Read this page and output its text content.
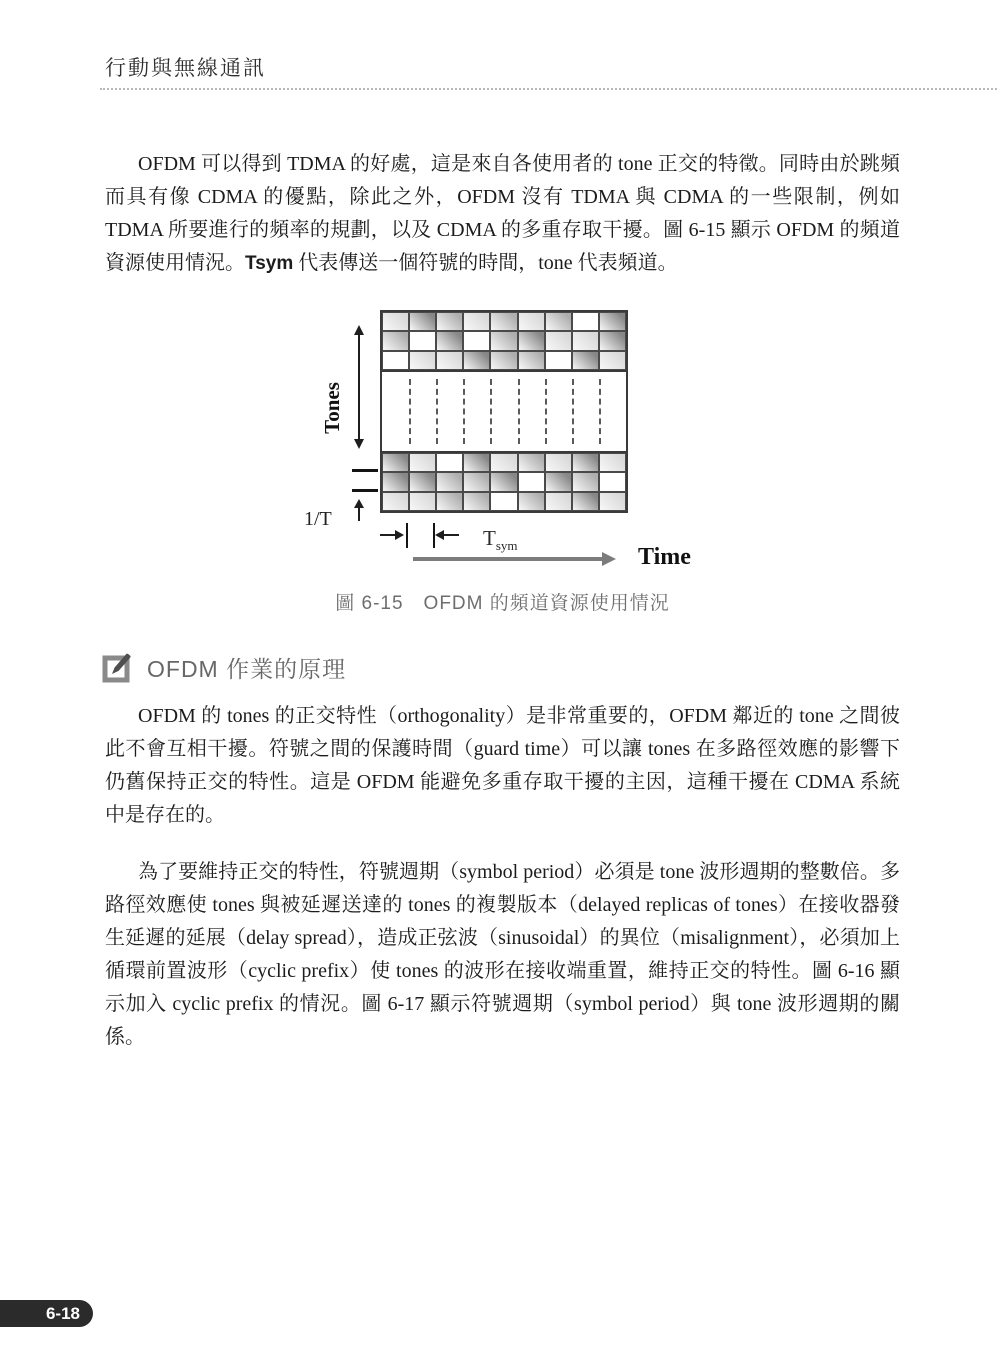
行動與無線通訊

OFDM 可以得到 TDMA 的好處，這是來自各使用者的 tone 正交的特徵。同時由於跳頻而具有像 CDMA 的優點，除此之外，OFDM 沒有 TDMA 與 CDMA 的一些限制，例如 TDMA 所要進行的頻率的規劃，以及 CDMA 的多重存取干擾。圖 6-15 顯示 OFDM 的頻道資源使用情況。Tsym 代表傳送一個符號的時間，tone 代表頻道。

Tones
1/T
$T_{sym}$	Time
圖 6-15　OFDM 的頻道資源使用情況
OFDM 作業的原理

OFDM 的 tones 的正交特性（orthogonality）是非常重要的，OFDM 鄰近的 tone 之間彼此不會互相干擾。符號之間的保護時間（guard time）可以讓 tones 在多路徑效應的影響下仍舊保持正交的特性。這是 OFDM 能避免多重存取干擾的主因，這種干擾在 CDMA 系統中是存在的。

為了要維持正交的特性，符號週期（symbol period）必須是 tone 波形週期的整數倍。多路徑效應使 tones 與被延遲送達的 tones 的複製版本（delayed replicas of tones）在接收器發生延遲的延展（delay spread），造成正弦波（sinusoidal）的異位（misalignment），必須加上循環前置波形（cyclic prefix）使 tones 的波形在接收端重置，維持正交的特性。圖 6-16 顯示加入 cyclic prefix 的情況。圖 6-17 顯示符號週期（symbol period）與 tone 波形週期的關係。

6-18
